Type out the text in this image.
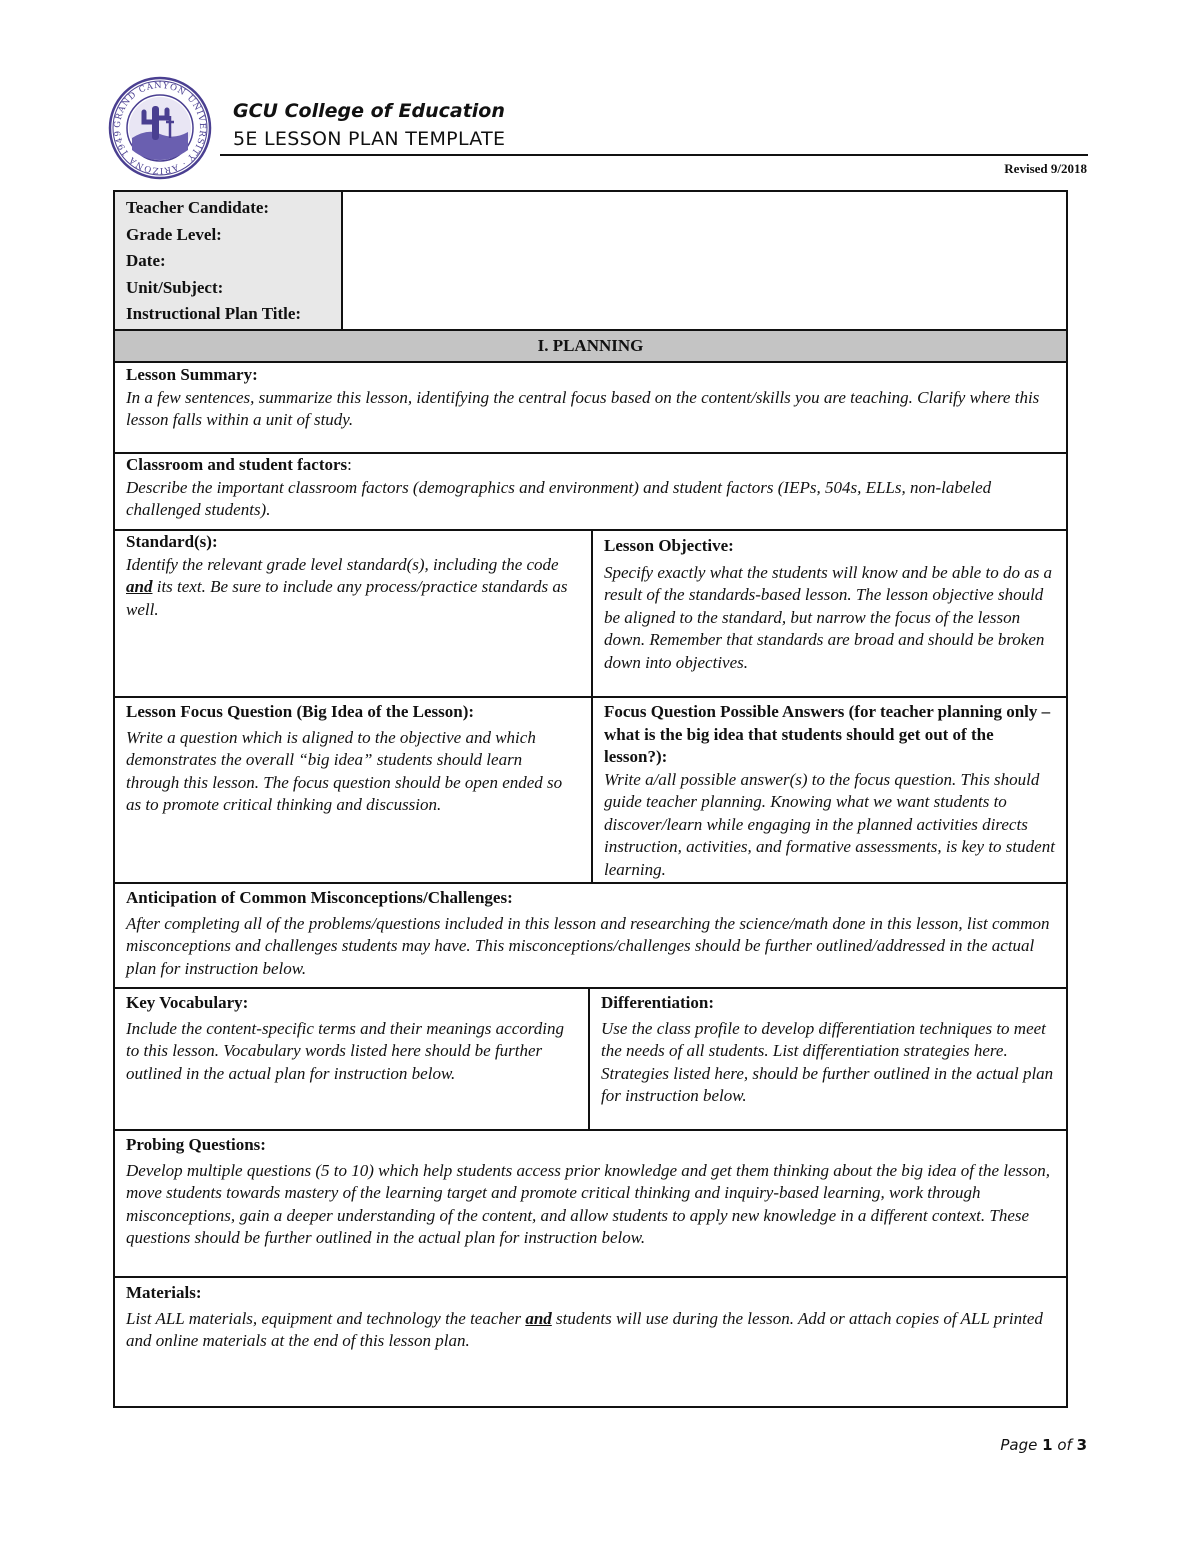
GRAND CANYON UNIVERSITY · ARIZONA 1949
GCU College of Education
5E LESSON PLAN TEMPLATE
Revised 9/2018
Teacher Candidate:
Grade Level:
Date:
Unit/Subject:
Instructional Plan Title:
I. PLANNING
Lesson Summary:
In a few sentences, summarize this lesson, identifying the central focus based on the content/skills you are teaching. Clarify where this lesson falls within a unit of study.
Classroom and student factors:
Describe the important classroom factors (demographics and environment) and student factors (IEPs, 504s, ELLs, non-labeled challenged students).
Standard(s):
Identify the relevant grade level standard(s), including the code and its text. Be sure to include any process/practice standards as well.
Lesson Objective:
Specify exactly what the students will know and be able to do as a result of the standards-based lesson. The lesson objective should be aligned to the standard, but narrow the focus of the lesson down. Remember that standards are broad and should be broken down into objectives.
Lesson Focus Question (Big Idea of the Lesson):
Write a question which is aligned to the objective and which demonstrates the overall “big idea” students should learn through this lesson. The focus question should be open ended so as to promote critical thinking and discussion.
Focus Question Possible Answers (for teacher planning only – what is the big idea that students should get out of the lesson?):
Write a/all possible answer(s) to the focus question. This should guide teacher planning. Knowing what we want students to discover/learn while engaging in the planned activities directs instruction, activities, and formative assessments, is key to student learning.
Anticipation of Common Misconceptions/Challenges:
After completing all of the problems/questions included in this lesson and researching the science/math done in this lesson, list common misconceptions and challenges students may have. This misconceptions/challenges should be further outlined/addressed in the actual plan for instruction below.
Key Vocabulary:
Include the content-specific terms and their meanings according to this lesson. Vocabulary words listed here should be further outlined in the actual plan for instruction below.
Differentiation:
Use the class profile to develop differentiation techniques to meet the needs of all students. List differentiation strategies here. Strategies listed here, should be further outlined in the actual plan for instruction below.
Probing Questions:
Develop multiple questions (5 to 10) which help students access prior knowledge and get them thinking about the big idea of the lesson, move students towards mastery of the learning target and promote critical thinking and inquiry-based learning, work through misconceptions, gain a deeper understanding of the content, and allow students to apply new knowledge in a different context. These questions should be further outlined in the actual plan for instruction below.
Materials:
List ALL materials, equipment and technology the teacher and students will use during the lesson. Add or attach copies of ALL printed and online materials at the end of this lesson plan.
Page 1 of 3
